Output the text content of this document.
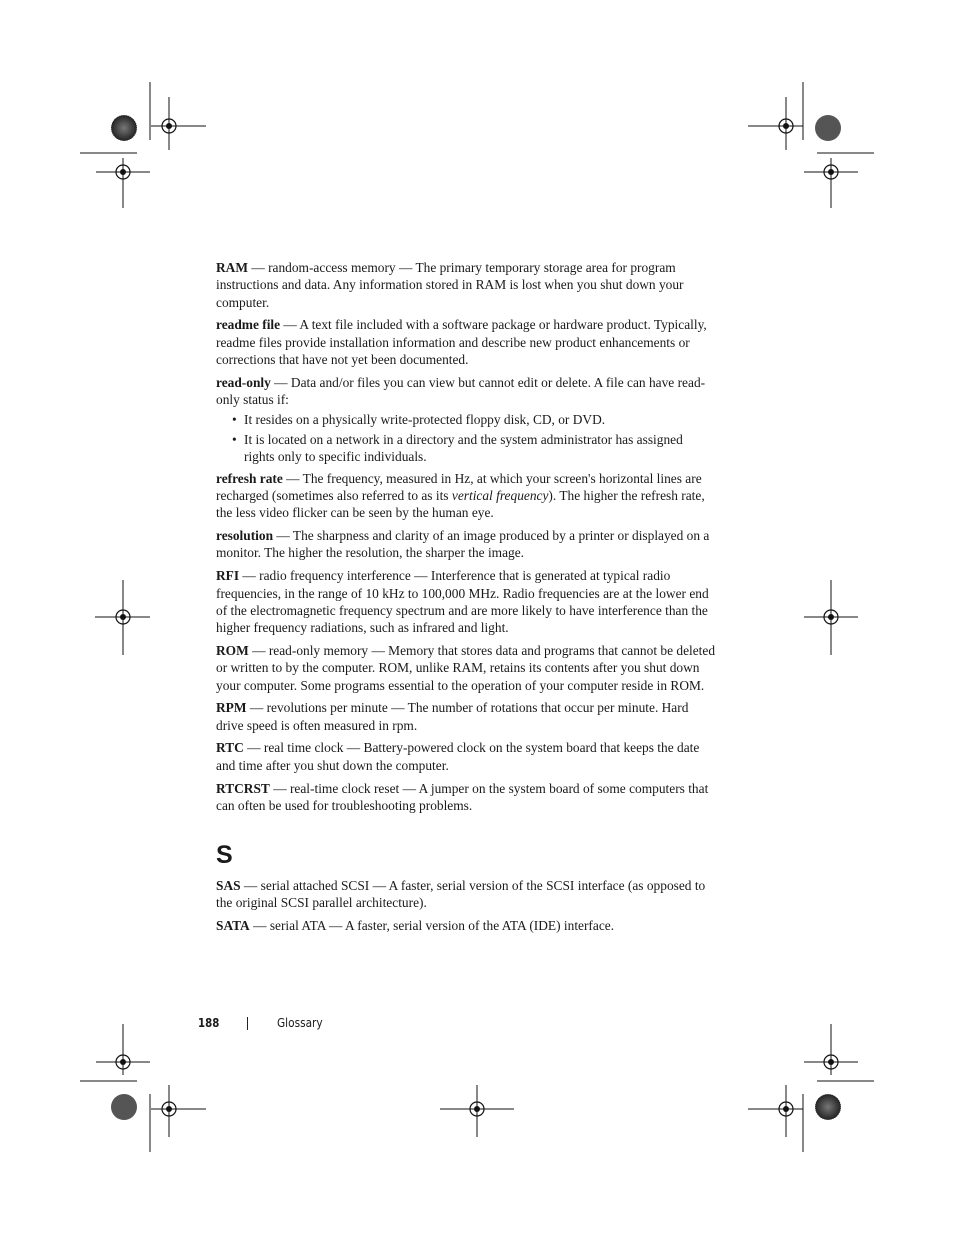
RAM — random-access memory — The primary temporary storage area for program instructions and data. Any information stored in RAM is lost when you shut down your computer.

readme file — A text file included with a software package or hardware product. Typically, readme files provide installation information and describe new product enhancements or corrections that have not yet been documented.

read-only — Data and/or files you can view but cannot edit or delete. A file can have read-only status if:

• It resides on a physically write-protected floppy disk, CD, or DVD.
• It is located on a network in a directory and the system administrator has assigned rights only to specific individuals.

refresh rate — The frequency, measured in Hz, at which your screen's horizontal lines are recharged (sometimes also referred to as its vertical frequency). The higher the refresh rate, the less video flicker can be seen by the human eye.

resolution — The sharpness and clarity of an image produced by a printer or displayed on a monitor. The higher the resolution, the sharper the image.

RFI — radio frequency interference — Interference that is generated at typical radio frequencies, in the range of 10 kHz to 100,000 MHz. Radio frequencies are at the lower end of the electromagnetic frequency spectrum and are more likely to have interference than the higher frequency radiations, such as infrared and light.

ROM — read-only memory — Memory that stores data and programs that cannot be deleted or written to by the computer. ROM, unlike RAM, retains its contents after you shut down your computer. Some programs essential to the operation of your computer reside in ROM.

RPM — revolutions per minute — The number of rotations that occur per minute. Hard drive speed is often measured in rpm.

RTC — real time clock — Battery-powered clock on the system board that keeps the date and time after you shut down the computer.

RTCRST — real-time clock reset — A jumper on the system board of some computers that can often be used for troubleshooting problems.

S

SAS — serial attached SCSI — A faster, serial version of the SCSI interface (as opposed to the original SCSI parallel architecture).

SATA — serial ATA — A faster, serial version of the ATA (IDE) interface.

188	Glossary
